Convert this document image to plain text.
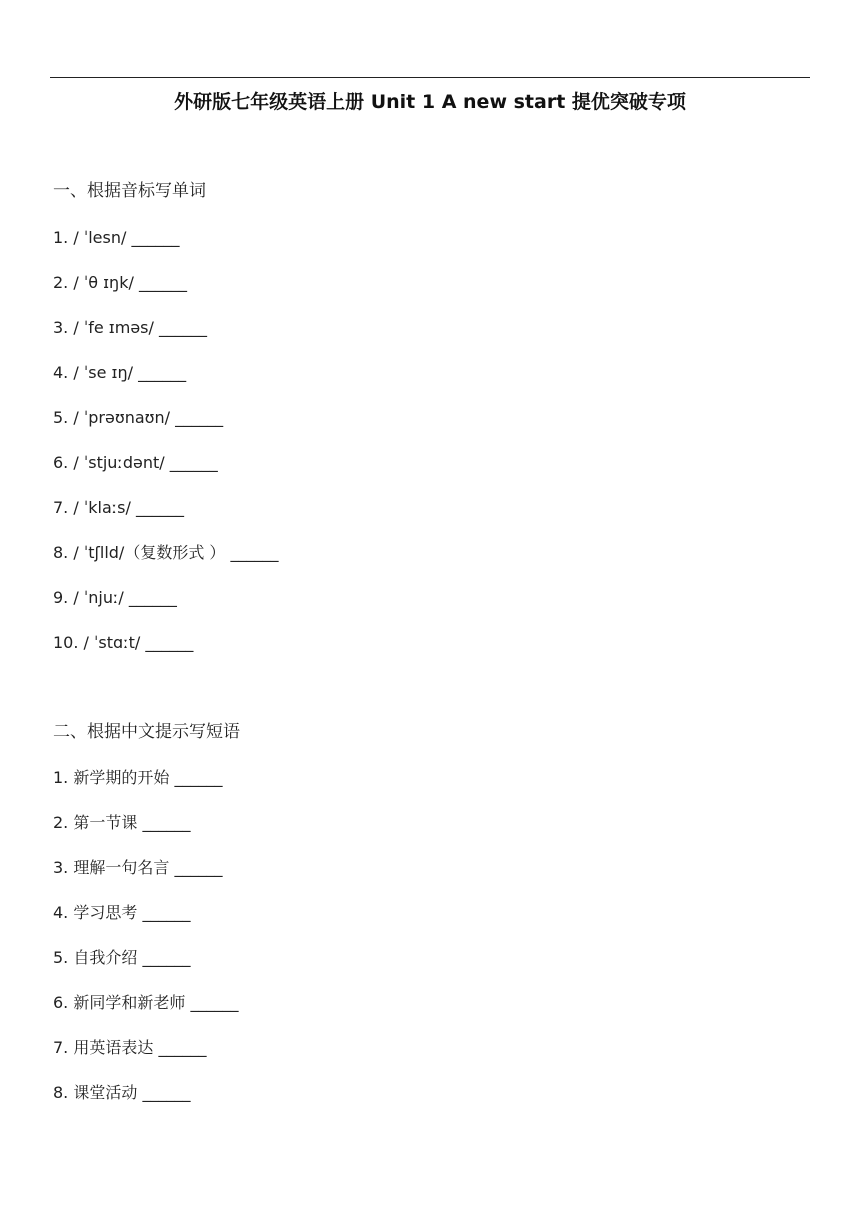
外研版七年级英语上册 Unit 1 A new start 提优突破专项
一、根据音标写单词
1. / ˈlesn/ ______
2. / ˈθ ɪŋk/ ______
3. / ˈfe ɪməs/ ______
4. / ˈse ɪŋ/ ______
5. / ˈprəʊnaʊn/ ______
6. / ˈstjuːdənt/ ______
7. / ˈklaːs/ ______
8. / ˈtʃlld/（复数形式 ） ______
9. / ˈnjuː/ ______
10. / ˈstɑːt/ ______
二、根据中文提示写短语
1. 新学期的开始 ______
2. 第一节课 ______
3. 理解一句名言 ______
4. 学习思考 ______
5. 自我介绍 ______
6. 新同学和新老师 ______
7. 用英语表达 ______
8. 课堂活动 ______
